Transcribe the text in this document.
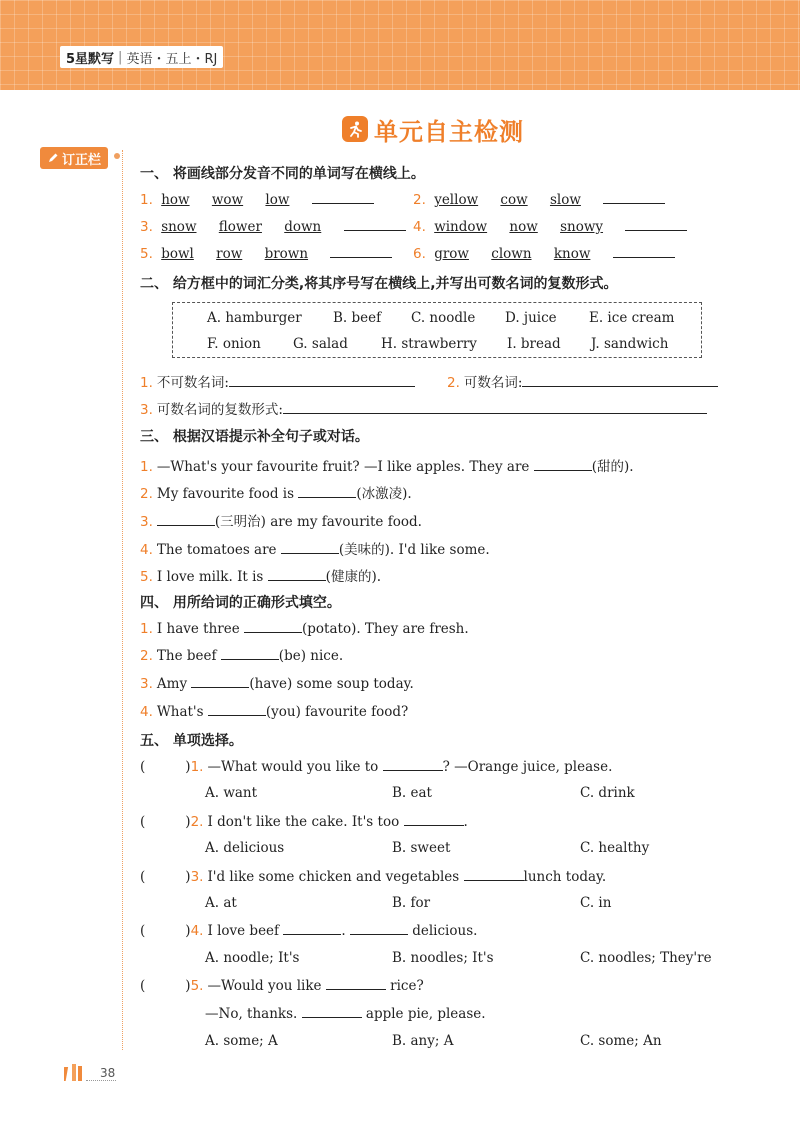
5星默写 | 英语・五上・RJ
单元自主检测
订正栏
一、 将画线部分发音不同的单词写在横线上。
1. how wow low	2. yellow cow slow
3. snow flower down	4. window now snowy
5. bowl row brown	6. grow clown know
二、 给方框中的词汇分类,将其序号写在横线上,并写出可数名词的复数形式。
A. hamburger B. beef C. noodle D. juice E. ice cream
F. onion G. salad H. strawberry I. bread J. sandwich
1. 不可数名词:	2. 可数名词:
3. 可数名词的复数形式:
三、 根据汉语提示补全句子或对话。
1. —What's your favourite fruit? —I like apples. They are	(甜的).
2. My favourite food is	(冰激凌).
3.	(三明治) are my favourite food.
4. The tomatoes are	(美味的). I'd like some.
5. I love milk. It is	(健康的).
四、 用所给词的正确形式填空。
1. I have three	(potato). They are fresh.
2. The beef	(be) nice.
3. Amy	(have) some soup today.
4. What's	(you) favourite food?
五、 单项选择。
(	)1. —What would you like to	? —Orange juice, please.
A. want	B. eat	C. drink
(	)2. I don't like the cake. It's too	.
A. delicious	B. sweet	C. healthy
(	)3. I'd like some chicken and vegetables	lunch today.
A. at	B. for	C. in
(	)4. I love beef	.	delicious.
A. noodle; It's	B. noodles; It's	C. noodles; They're
(	)5. —Would you like	rice?
—No, thanks.	apple pie, please.
A. some; A	B. any; A	C. some; An
38
